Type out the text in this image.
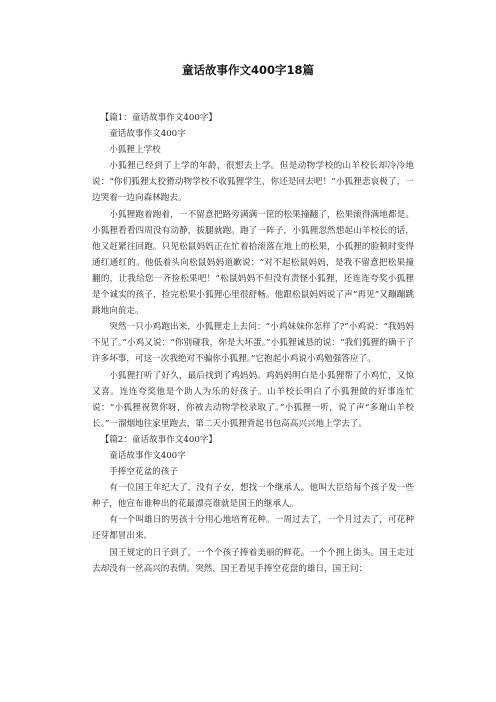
童话故事作文400字18篇

【篇1：童话故事作文400字】

童话故事作文400字

小狐狸上学校

小狐狸已经到了上学的年龄，很想去上学。但是动物学校的山羊校长却冷冷地说：“你们狐狸太狡猾动物学校不收狐狸学生，你还是回去吧！”小狐狸悲哀极了，一边哭着一边向森林跑去。

小狐狸跑着跑着，一不留意把路旁满满一筐的松果撞翻了，松果滚得满地都是。小狐狸看看四周没有动静，拔腿就跑。跑了一阵子，小狐狸忽然想起山羊校长的话，他又赶紧往回跑。只见松鼠妈妈正在忙着拾滚落在地上的松果，小狐狸的脸顿时变得通红通红的。他低着头向松鼠妈妈道歉说：“对不起松鼠妈妈，是我不留意把松果撞翻的，让我给您一齐捡松果吧！”松鼠妈妈不但没有责怪小狐狸，还连连夸奖小狐狸是个诚实的孩子，捡完松果小狐狸心里很舒畅。他跟松鼠妈妈说了声“再见”又蹦蹦跳跳地向前走。

突然一只小鸡跑出来，小狐狸走上去问：“小鸡妹妹你怎样了?”小鸡说：“我妈妈不见了。”小鸡又说：“你别碰我，你是大坏蛋。”小狐狸诚恳的说：“我们狐狸的确干了许多坏事，可这一次我绝对不骗你小狐狸。”它抱起小鸡说小鸡勉强答应了。

小狐狸打听了好久，最后找到了鸡妈妈。鸡妈妈明白是小狐狸帮了小鸡忙，又惊又喜。连连夸奖他是个助人为乐的好孩子。山羊校长明白了小狐狸做的好事连忙说：“小狐狸祝贺你呀，你被去动物学校录取了。”小狐狸一听，说了声“多谢山羊校长。”一溜烟地往家里跑去，第二天小狐狸背起书包高高兴兴地上学去了。

【篇2：童话故事作文400字】

童话故事作文400字

手捧空花盆的孩子

有一位国王年纪大了，没有子女，想找一个继承人。他叫大臣给每个孩子发一些种子，他宣布谁种出的花最漂亮谁就是国王的继承人。

有一个叫雄日的男孩十分用心地培育花种。一周过去了，一个月过去了，可花种还芽都冒出来。

国王规定的日子到了，一个个孩子捧着美丽的鲜花。一个个拥上街头。国王走过去却没有一丝高兴的表情。突然，国王看见手捧空花盘的雄日，国王问：
